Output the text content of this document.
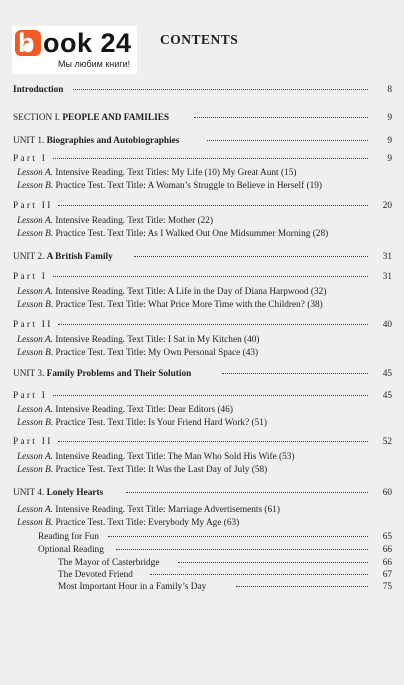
b ook 24
Мы любим книги!
CONTENTS
Introduction	8
SECTION I. PEOPLE AND FAMILIES	9
UNIT 1. Biographies and Autobiographies	9
Part I	9
Lesson A. Intensive Reading. Text Titles: My Life (10) My Great Aunt (15)
Lesson B. Practice Test. Text Title: A Woman’s Struggle to Believe in Herself (19)
Part II	20
Lesson A. Intensive Reading. Text Title: Mother (22)
Lesson B. Practice Test. Text Title: As I Walked Out One Midsummer Morning (28)
UNIT 2. A British Family	31
Part I	31
Lesson A. Intensive Reading. Text Title: A Life in the Day of Diana Harpwood (32)
Lesson B. Practice Test. Text Title: What Price More Time with the Children? (38)
Part II	40
Lesson A. Intensive Reading. Text Title: I Sat in My Kitchen (40)
Lesson B. Practice Test. Text Title: My Own Personal Space (43)
UNIT 3. Family Problems and Their Solution	45
Part I	45
Lesson A. Intensive Reading. Text Title: Dear Editors (46)
Lesson B. Practice Test. Text Title: Is Your Friend Hard Work? (51)
Part II	52
Lesson A. Intensive Reading. Text Title: The Man Who Sold His Wife (53)
Lesson B. Practice Test. Text Title: It Was the Last Day of July (58)
UNIT 4. Lonely Hearts	60
Lesson A. Intensive Reading. Text Title: Marriage Advertisements (61)
Lesson B. Practice Test. Text Title: Everybody My Age (63)
Reading for Fun	65
Optional Reading	66
The Mayor of Casterbridge	66
The Devoted Friend	67
Most Important Hour in a Family’s Day	75
